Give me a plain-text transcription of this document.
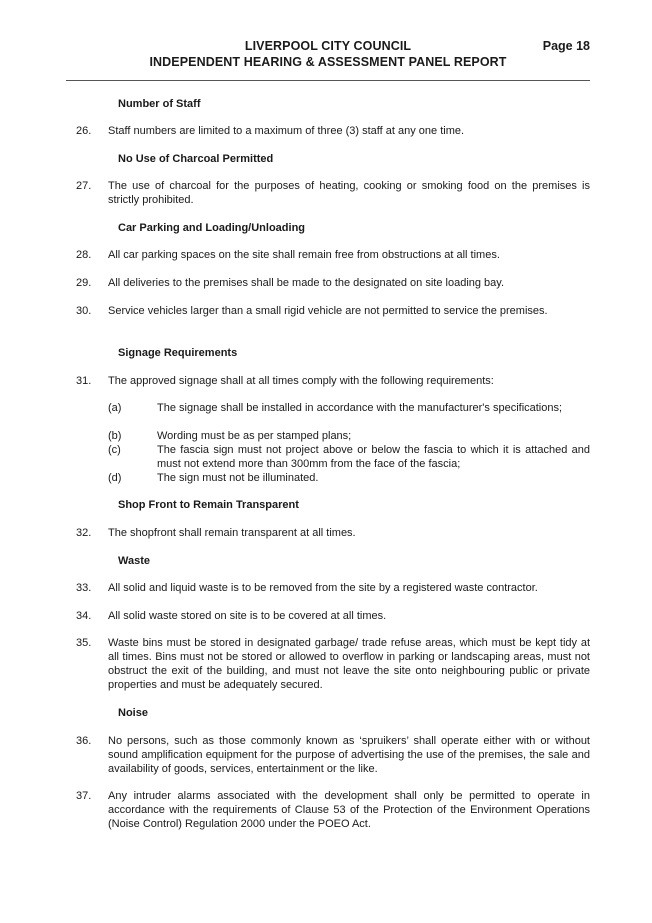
LIVERPOOL CITY COUNCIL
INDEPENDENT HEARING & ASSESSMENT PANEL REPORT
Page 18
Number of Staff
26.	Staff numbers are limited to a maximum of three (3) staff at any one time.
No Use of Charcoal Permitted
27.	The use of charcoal for the purposes of heating, cooking or smoking food on the premises is strictly prohibited.
Car Parking and Loading/Unloading
28.	All car parking spaces on the site shall remain free from obstructions at all times.
29.	All deliveries to the premises shall be made to the designated on site loading bay.
30.	Service vehicles larger than a small rigid vehicle are not permitted to service the premises.
Signage Requirements
31.	The approved signage shall at all times comply with the following requirements:
(a)	The signage shall be installed in accordance with the manufacturer's specifications;
(b)	Wording must be as per stamped plans;
(c)	The fascia sign must not project above or below the fascia to which it is attached and must not extend more than 300mm from the face of the fascia;
(d)	The sign must not be illuminated.
Shop Front to Remain Transparent
32.	The shopfront shall remain transparent at all times.
Waste
33.	All solid and liquid waste is to be removed from the site by a registered waste contractor.
34.	All solid waste stored on site is to be covered at all times.
35.	Waste bins must be stored in designated garbage/ trade refuse areas, which must be kept tidy at all times. Bins must not be stored or allowed to overflow in parking or landscaping areas, must not obstruct the exit of the building, and must not leave the site onto neighbouring public or private properties and must be adequately secured.
Noise
36.	No persons, such as those commonly known as ‘spruikers’ shall operate either with or without sound amplification equipment for the purpose of advertising the use of the premises, the sale and availability of goods, services, entertainment or the like.
37.	Any intruder alarms associated with the development shall only be permitted to operate in accordance with the requirements of Clause 53 of the Protection of the Environment Operations (Noise Control) Regulation 2000 under the POEO Act.
